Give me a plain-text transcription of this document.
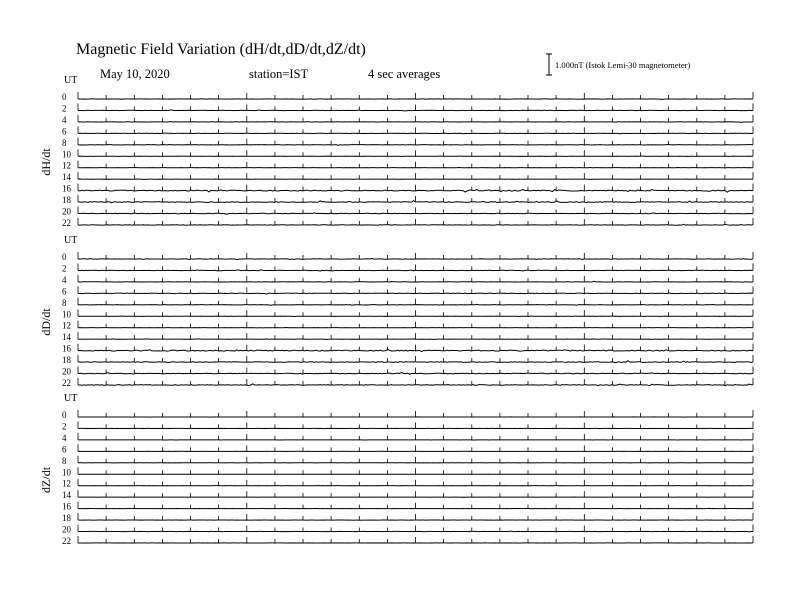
Magnetic Field Variation (dH/dt,dD/dt,dZ/dt)
May 10, 2020	station=IST	4 sec averages
1.000nT (Istok Lemi-30 magnetometer)
UT
dH/dt
0
2
4
6
8
10
12
14
16
18
20
22
UT
dD/dt
0
2
4
6
8
10
12
14
16
18
20
22
UT
dZ/dt
0
2
4
6
8
10
12
14
16
18
20
22
